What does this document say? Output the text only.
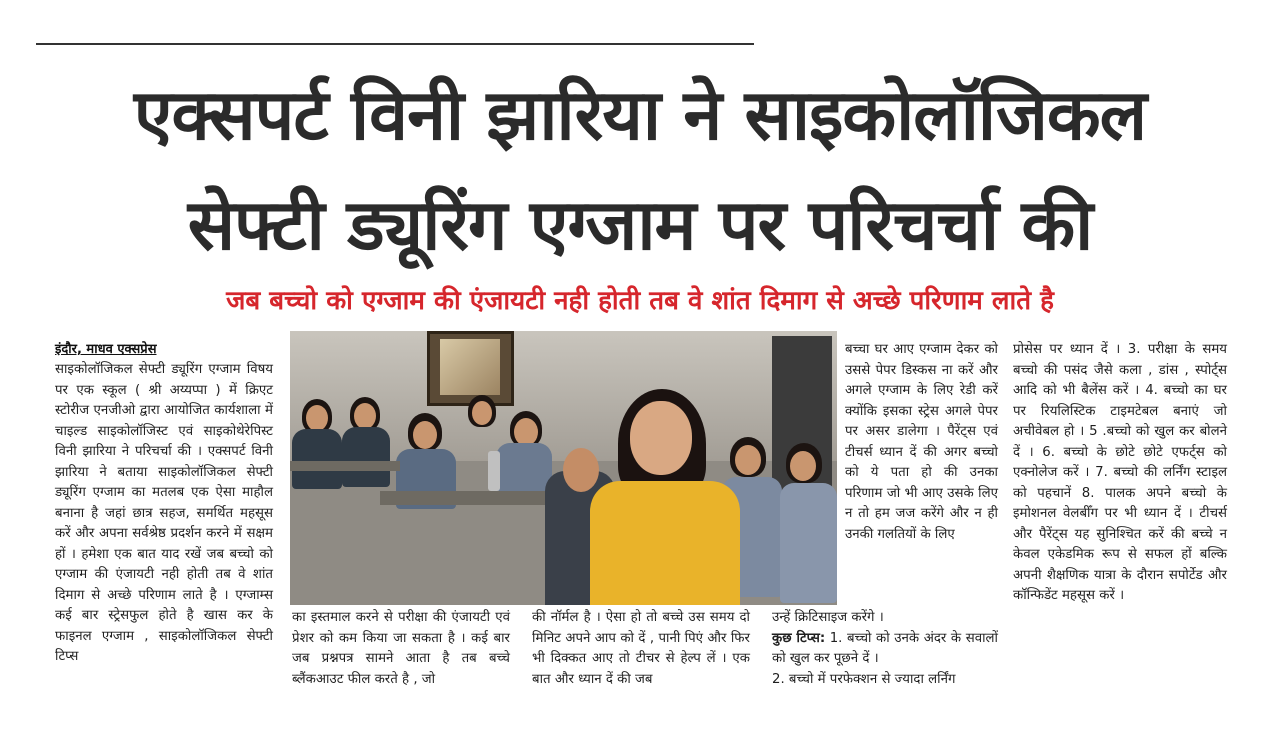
एक्सपर्ट विनी झारिया ने साइकोलॉजिकल
सेफ्टी ड्यूरिंग एग्जाम पर परिचर्चा की
जब बच्चो को एग्जाम की एंजायटी नही होती तब वे शांत दिमाग से अच्छे परिणाम लाते है
इंदौर, माधव एक्सप्रेस
साइकोलॉजिकल सेफ्टी ड्यूरिंग एग्जाम विषय पर एक स्कूल ( श्री अय्यप्पा ) में क्रिएट स्टोरीज एनजीओ द्वारा आयोजित कार्यशाला में चाइल्ड साइकोलॉजिस्ट एवं साइकोथेरेपिस्ट विनी झारिया ने परिचर्चा की । एक्सपर्ट विनी झारिया ने बताया साइकोलॉजिकल सेफ्टी ड्यूरिंग एग्जाम का मतलब एक ऐसा माहौल बनाना है जहां छात्र सहज, समर्थित महसूस करें और अपना सर्वश्रेष्ठ प्रदर्शन करने में सक्षम हों । हमेशा एक बात याद रखें जब बच्चो को एग्जाम की एंजायटी नही होती तब वे शांत दिमाग से अच्छे परिणाम लाते है । एग्जाम्स कई बार स्ट्रेसफुल होते है खास कर के फाइनल एग्जाम , साइकोलॉजिकल सेफ्टी टिप्स
का इस्तमाल करने से परीक्षा की एंजायटी एवं प्रेशर को कम किया जा सकता है । कई बार जब प्रश्नपत्र सामने आता है तब बच्चे ब्लैंकआउट फील करते है , जो
की नॉर्मल है । ऐसा हो तो बच्चे उस समय दो मिनिट अपने आप को दें , पानी पिएं और फिर भी दिक्कत आए तो टीचर से हेल्प लें । एक बात और ध्यान दें की जब
बच्चा घर आए एग्जाम देकर को उससे पेपर डिस्कस ना करें और अगले एग्जाम के लिए रेडी करें क्योंकि इसका स्ट्रेस अगले पेपर पर असर डालेगा । पैरेंट्स एवं टीचर्स ध्यान दें की अगर बच्चो को ये पता हो की उनका परिणाम जो भी आए उसके लिए न तो हम जज करेंगे और न ही उनकी गलतियों के लिए
उन्हें क्रिटिसाइज करेंगे ।
कुछ टिप्स: 1. बच्चो को उनके अंदर के सवालों को खुल कर पूछने दें ।
2. बच्चो में परफेक्शन से ज्यादा लर्निंग
प्रोसेस पर ध्यान दें । 3. परीक्षा के समय बच्चो की पसंद जैसे कला , डांस , स्पोर्ट्स आदि को भी बैलेंस करें । 4. बच्चो का घर पर रियलिस्टिक टाइमटेबल बनाएं जो अचीवेबल हो । 5 .बच्चो को खुल कर बोलने दें । 6. बच्चो के छोटे छोटे एफर्ट्स को एक्नोलेज करें । 7. बच्चो की लर्निंग स्टाइल को पहचानें 8. पालक अपने बच्चो के इमोशनल वेलबीँग पर भी ध्यान दें । टीचर्स और पैरेंट्स यह सुनिश्चित करें की बच्चे न केवल एकेडमिक रूप से सफल हों बल्कि अपनी शैक्षणिक यात्रा के दौरान सपोर्टेड और कॉन्फिडेंट महसूस करें ।
